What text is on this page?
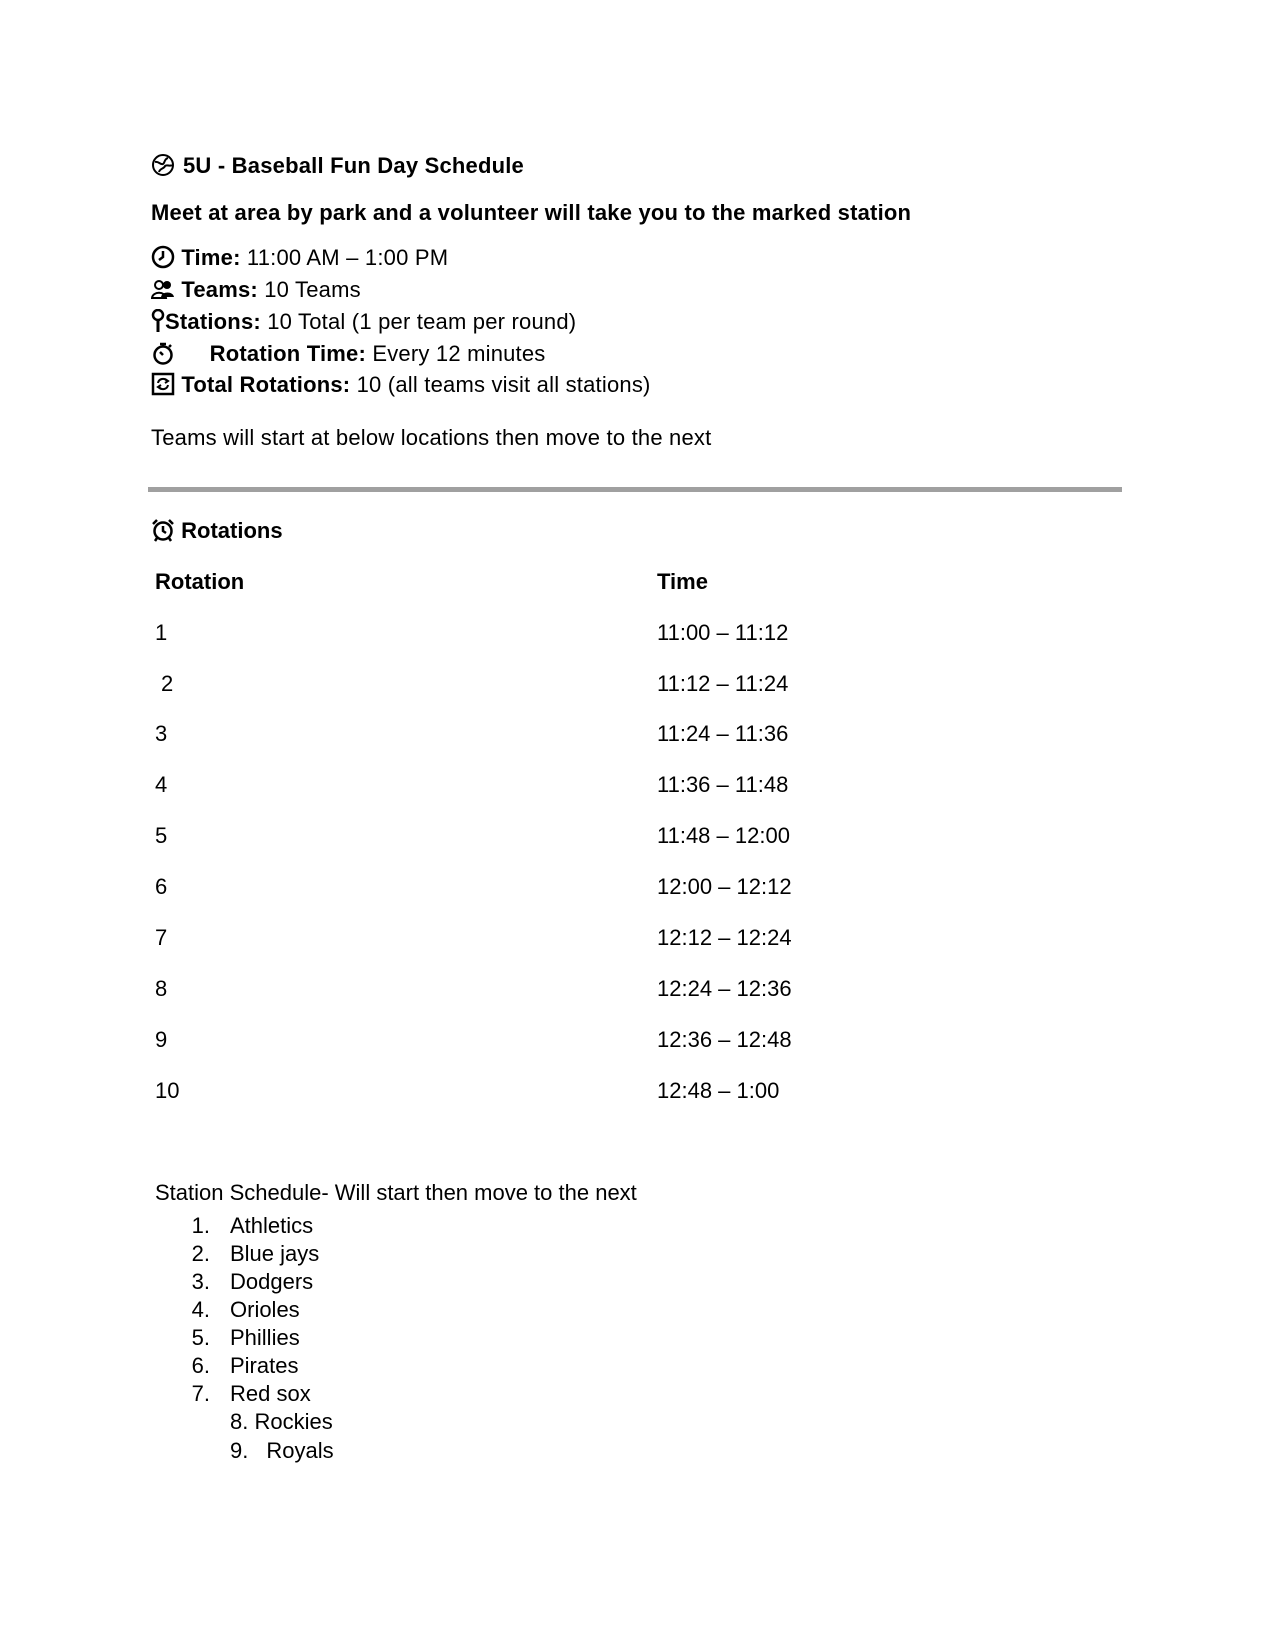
5U - Baseball Fun Day Schedule
Meet at area by park and a volunteer will take you to the marked station
Time: 11:00 AM – 1:00 PM
Teams: 10 Teams
Stations: 10 Total (1 per team per round)
Rotation Time: Every 12 minutes
Total Rotations: 10 (all teams visit all stations)
Teams will start at below locations then move to the next
Rotations
Rotation	Time
1	11:00 – 11:12
2	11:12 – 11:24
3	11:24 – 11:36
4	11:36 – 11:48
5	11:48 – 12:00
6	12:00 – 12:12
7	12:12 – 12:24
8	12:24 – 12:36
9	12:36 – 12:48
10	12:48 – 1:00
Station Schedule- Will start then move to the next
1. Athletics
2. Blue jays
3. Dodgers
4. Orioles
5. Phillies
6. Pirates
7. Red sox
8. Rockies
9. Royals
